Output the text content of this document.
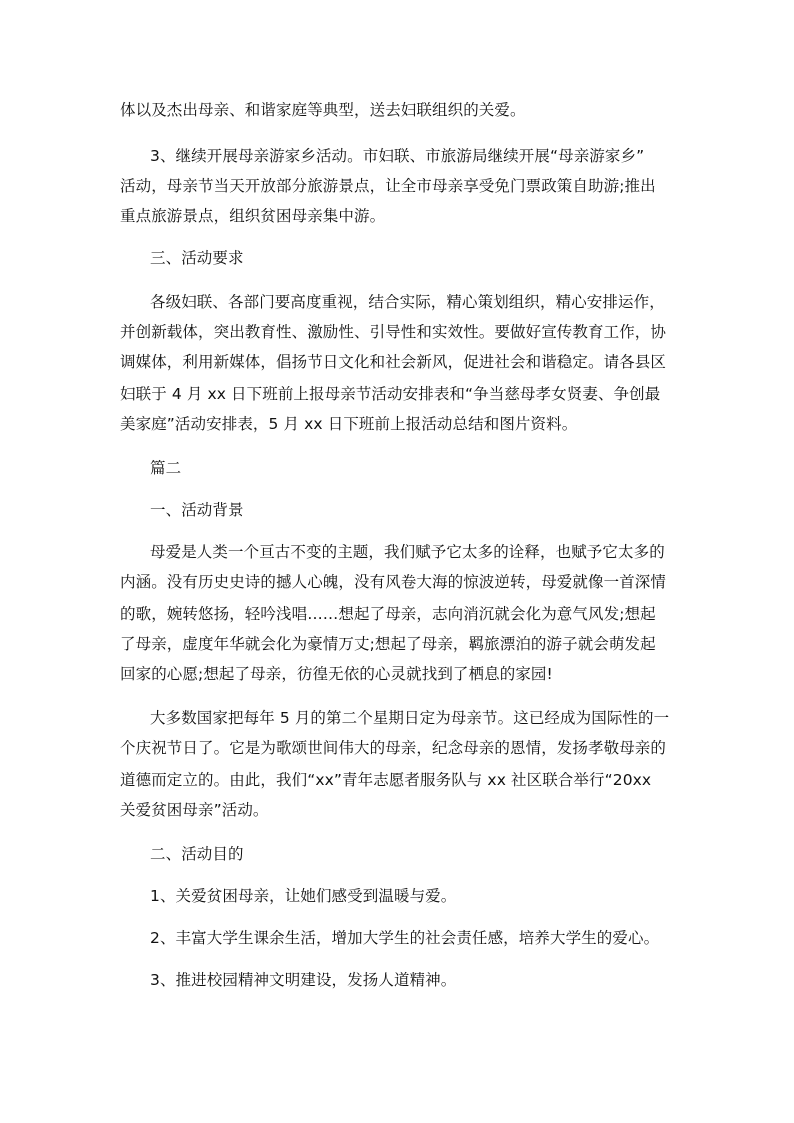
体以及杰出母亲、和谐家庭等典型，送去妇联组织的关爱。
3、继续开展母亲游家乡活动。市妇联、市旅游局继续开展“母亲游家乡”
活动，母亲节当天开放部分旅游景点，让全市母亲享受免门票政策自助游;推出
重点旅游景点，组织贫困母亲集中游。
三、活动要求
各级妇联、各部门要高度重视，结合实际，精心策划组织，精心安排运作，
并创新载体，突出教育性、激励性、引导性和实效性。要做好宣传教育工作，协
调媒体，利用新媒体，倡扬节日文化和社会新风，促进社会和谐稳定。请各县区
妇联于 4 月 xx 日下班前上报母亲节活动安排表和“争当慈母孝女贤妻、争创最
美家庭”活动安排表，5 月 xx 日下班前上报活动总结和图片资料。
篇二
一、活动背景
母爱是人类一个亘古不变的主题，我们赋予它太多的诠释，也赋予它太多的
内涵。没有历史史诗的撼人心魄，没有风卷大海的惊波逆转，母爱就像一首深情
的歌，婉转悠扬，轻吟浅唱……想起了母亲，志向消沉就会化为意气风发;想起
了母亲，虚度年华就会化为豪情万丈;想起了母亲，羁旅漂泊的游子就会萌发起
回家的心愿;想起了母亲，彷徨无依的心灵就找到了栖息的家园!
大多数国家把每年 5 月的第二个星期日定为母亲节。这已经成为国际性的一
个庆祝节日了。它是为歌颂世间伟大的母亲，纪念母亲的恩情，发扬孝敬母亲的
道德而定立的。由此，我们“xx”青年志愿者服务队与 xx 社区联合举行“20xx
关爱贫困母亲”活动。
二、活动目的
1、关爱贫困母亲，让她们感受到温暖与爱。
2、丰富大学生课余生活，增加大学生的社会责任感，培养大学生的爱心。
3、推进校园精神文明建设，发扬人道精神。
